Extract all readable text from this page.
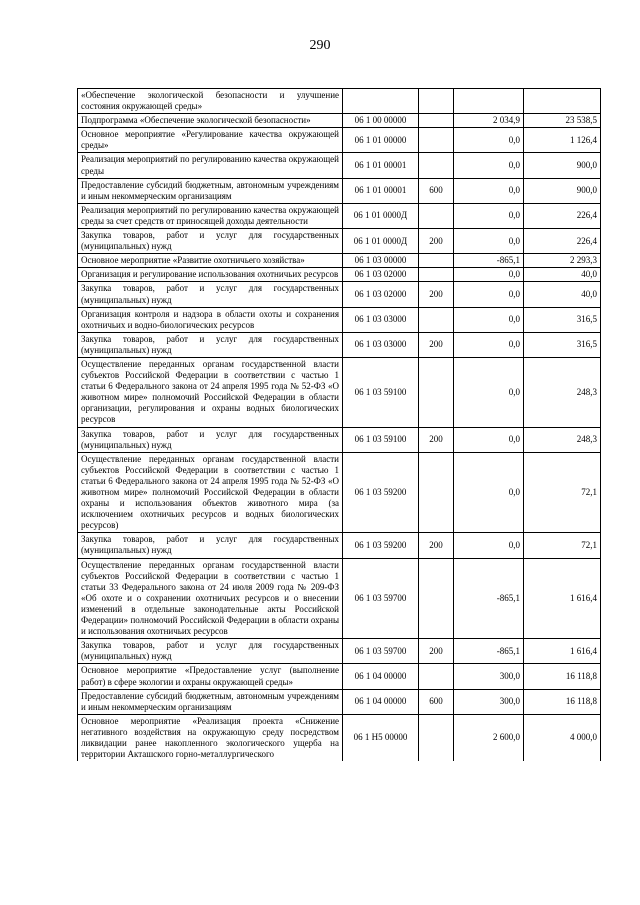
290
«Обеспечение экологической безопасности и улучшение состояния окружающей среды»				
Подпрограмма «Обеспечение экологической безопасности»	06 1 00 00000		2 034,9	23 538,5
Основное мероприятие «Регулирование качества окружающей среды»	06 1 01 00000		0,0	1 126,4
Реализация мероприятий по регулированию качества окружающей среды	06 1 01 00001		0,0	900,0
Предоставление субсидий бюджетным, автономным учреждениям и иным некоммерческим организациям	06 1 01 00001	600	0,0	900,0
Реализация мероприятий по регулированию качества окружающей среды за счет средств от приносящей доходы деятельности	06 1 01 0000Д		0,0	226,4
Закупка товаров, работ и услуг для государственных (муниципальных) нужд	06 1 01 0000Д	200	0,0	226,4
Основное мероприятие «Развитие охотничьего хозяйства»	06 1 03 00000		-865,1	2 293,3
Организация и регулирование использования охотничьих ресурсов	06 1 03 02000		0,0	40,0
Закупка товаров, работ и услуг для государственных (муниципальных) нужд	06 1 03 02000	200	0,0	40,0
Организация контроля и надзора в области охоты и сохранения охотничьих и водно-биологических ресурсов	06 1 03 03000		0,0	316,5
Закупка товаров, работ и услуг для государственных (муниципальных) нужд	06 1 03 03000	200	0,0	316,5
Осуществление переданных органам государственной власти субъектов Российской Федерации в соответствии с частью 1 статьи 6 Федерального закона от 24 апреля 1995 года № 52-ФЗ «О животном мире» полномочий Российской Федерации в области организации, регулирования и охраны водных биологических ресурсов	06 1 03 59100		0,0	248,3
Закупка товаров, работ и услуг для государственных (муниципальных) нужд	06 1 03 59100	200	0,0	248,3
Осуществление переданных органам государственной власти субъектов Российской Федерации в соответствии с частью 1 статьи 6 Федерального закона от 24 апреля 1995 года № 52-ФЗ «О животном мире» полномочий Российской Федерации в области охраны и использования объектов животного мира (за исключением охотничьих ресурсов и водных биологических ресурсов)	06 1 03 59200		0,0	72,1
Закупка товаров, работ и услуг для государственных (муниципальных) нужд	06 1 03 59200	200	0,0	72,1
Осуществление переданных органам государственной власти субъектов Российской Федерации в соответствии с частью 1 статьи 33 Федерального закона от 24 июля 2009 года № 209-ФЗ «Об охоте и о сохранении охотничьих ресурсов и о внесении изменений в отдельные законодательные акты Российской Федерации» полномочий Российской Федерации в области охраны и использования охотничьих ресурсов	06 1 03 59700		-865,1	1 616,4
Закупка товаров, работ и услуг для государственных (муниципальных) нужд	06 1 03 59700	200	-865,1	1 616,4
Основное мероприятие «Предоставление услуг (выполнение работ) в сфере экологии и охраны окружающей среды»	06 1 04 00000		300,0	16 118,8
Предоставление субсидий бюджетным, автономным учреждениям и иным некоммерческим организациям	06 1 04 00000	600	300,0	16 118,8
Основное мероприятие «Реализация проекта «Снижение негативного воздействия на окружающую среду посредством ликвидации ранее накопленного экологического ущерба на территории Акташского горно-металлургического	06 1 Н5 00000		2 600,0	4 000,0
